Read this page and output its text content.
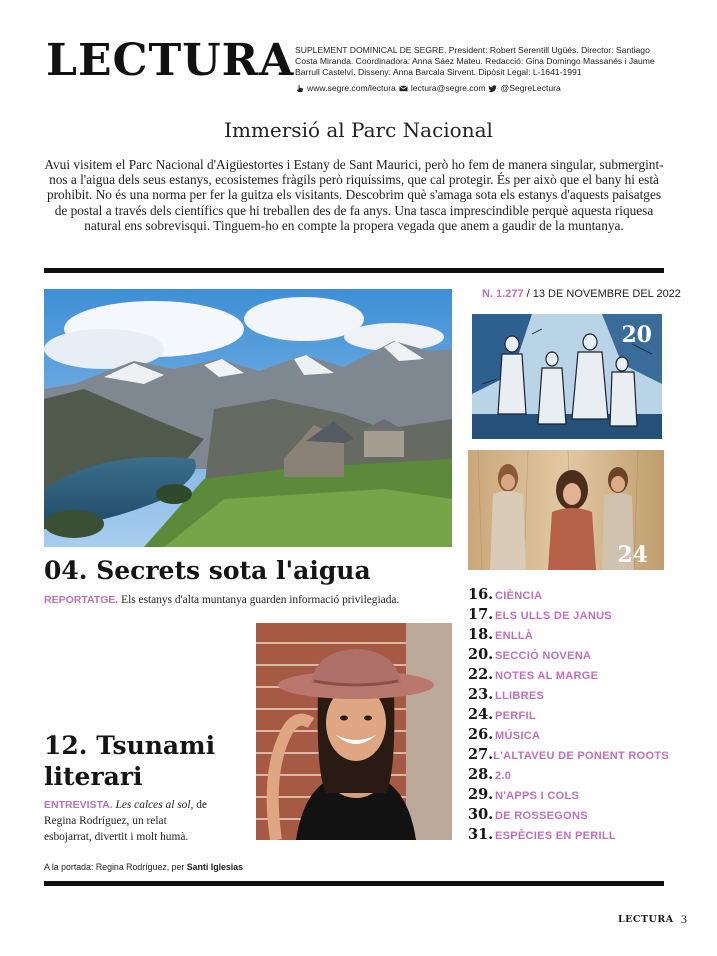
LECTURA SUPLEMENT DOMINICAL DE SEGRE. President: Robert Serentill Ugüés. Director: Santiago Costa Miranda. Coordinadora: Anna Sáez Mateu. Redacció: Gina Domingo Massanés i Jaume Barrull Castelví. Disseny: Anna Barcala Sirvent. Dipòsit Legal: L-1641-1991
www.segre.com/lectura lectura@segre.com @SegreLectura
Immersió al Parc Nacional
Avui visitem el Parc Nacional d'Aigüestortes i Estany de Sant Maurici, però ho fem de manera singular, submergint-nos a l'aigua dels seus estanys, ecosistemes fràgils però riquíssims, que cal protegir. És per això que el bany hi està prohibit. No és una norma per fer la guitza els visitants. Descobrim què s'amaga sota els estanys d'aquests paisatges de postal a través dels científics que hi treballen des de fa anys. Una tasca imprescindible perquè aquesta riquesa natural ens sobrevisqui. Tinguem-ho en compte la propera vegada que anem a gaudir de la muntanya.
N. 1.277 / 13 DE NOVEMBRE DEL 2022
20
24
04. Secrets sota l'aigua
REPORTATGE. Els estanys d'alta muntanya guarden informació privilegiada.
12. Tsunami
literari
ENTREVISTA. Les calces al sol, de
Regina Rodríguez, un relat
esbojarrat, divertit i molt humà.
16. CIÈNCIA
17. ELS ULLS DE JANUS
18. ENLLÀ
20. SECCIÓ NOVENA
22. NOTES AL MARGE
23. LLIBRES
24. PERFIL
26. MÚSICA
27. L'ALTAVEU DE PONENT ROOTS
28. 2.0
29. N'APPS I COLS
30. DE ROSSEGONS
31. ESPÈCIES EN PERILL
A la portada: Regina Rodríguez, per Santi Iglesias
LECTURA 3
